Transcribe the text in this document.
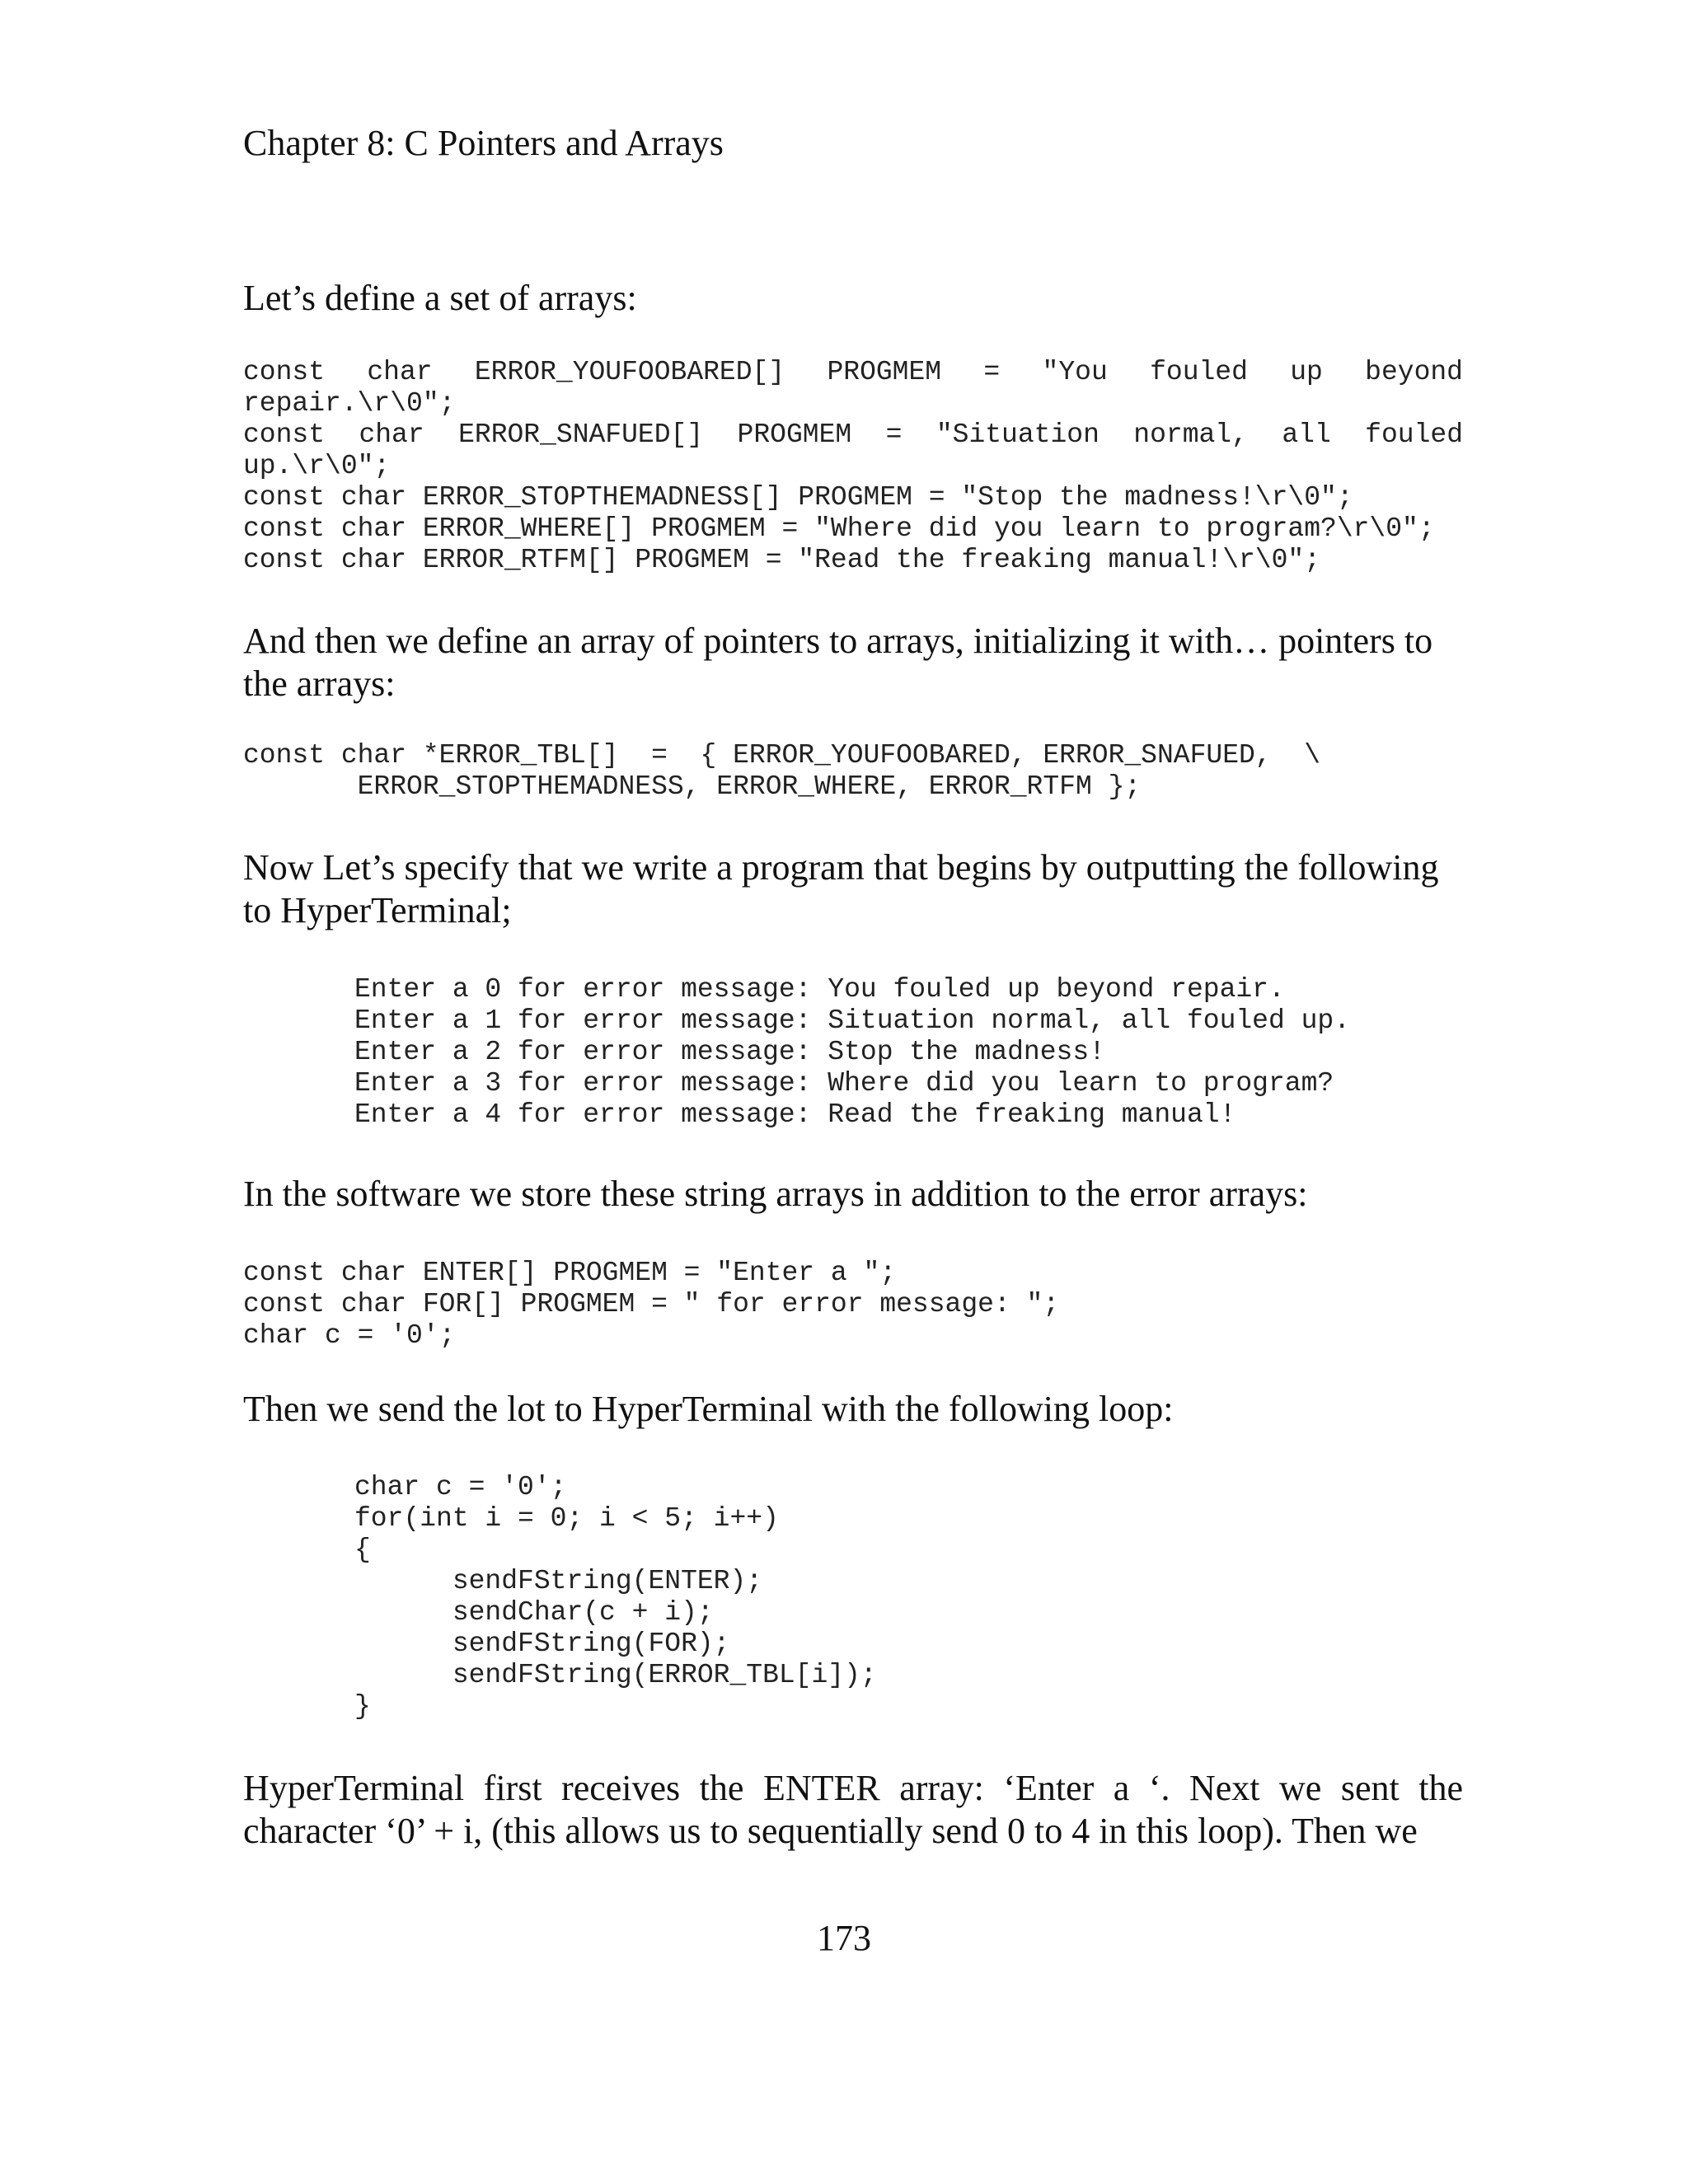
Chapter 8: C Pointers and Arrays

Let’s define a set of arrays:

const char ERROR_YOUFOOBARED[] PROGMEM = "You fouled up beyond
repair.\r\0";
const char ERROR_SNAFUED[] PROGMEM = "Situation normal, all fouled
up.\r\0";
const char ERROR_STOPTHEMADNESS[] PROGMEM = "Stop the madness!\r\0";
const char ERROR_WHERE[] PROGMEM = "Where did you learn to program?\r\0";
const char ERROR_RTFM[] PROGMEM = "Read the freaking manual!\r\0";

And then we define an array of pointers to arrays, initializing it with… pointers to the arrays:

const char *ERROR_TBL[]  =  { ERROR_YOUFOOBARED, ERROR_SNAFUED,  \
ERROR_STOPTHEMADNESS, ERROR_WHERE, ERROR_RTFM };

Now Let’s specify that we write a program that begins by outputting the following to HyperTerminal;

Enter a 0 for error message: You fouled up beyond repair.
Enter a 1 for error message: Situation normal, all fouled up.
Enter a 2 for error message: Stop the madness!
Enter a 3 for error message: Where did you learn to program?
Enter a 4 for error message: Read the freaking manual!

In the software we store these string arrays in addition to the error arrays:

const char ENTER[] PROGMEM = "Enter a ";
const char FOR[] PROGMEM = " for error message: ";
char c = '0';

Then we send the lot to HyperTerminal with the following loop:

char c = '0';
for(int i = 0; i < 5; i++)
{
sendFString(ENTER);
sendChar(c + i);
sendFString(FOR);
sendFString(ERROR_TBL[i]);
}

HyperTerminal first receives the ENTER array: ‘Enter a ‘. Next we sent the

character ‘0’ + i, (this allows us to sequentially send 0 to 4 in this loop). Then we

173
